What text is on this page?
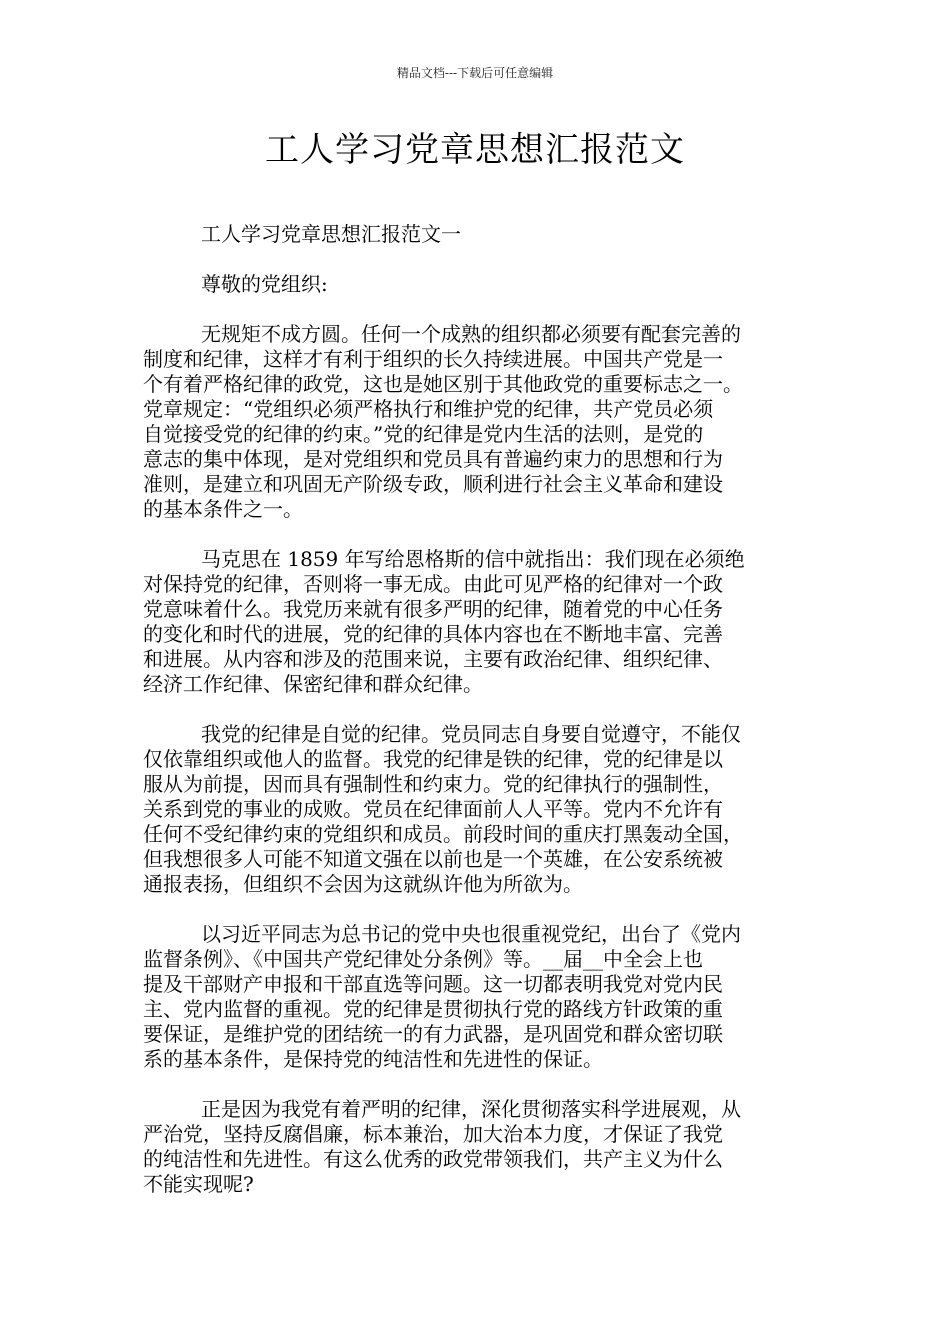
精品文档---下载后可任意编辑
工人学习党章思想汇报范文

工人学习党章思想汇报范文一

尊敬的党组织:

无规矩不成方圆。任何一个成熟的组织都必须要有配套完善的
制度和纪律，这样才有利于组织的长久持续进展。中国共产党是一
个有着严格纪律的政党，这也是她区别于其他政党的重要标志之一。
党章规定：“党组织必须严格执行和维护党的纪律，共产党员必须
自觉接受党的纪律的约束。”党的纪律是党内生活的法则，是党的
意志的集中体现，是对党组织和党员具有普遍约束力的思想和行为
准则，是建立和巩固无产阶级专政，顺利进行社会主义革命和建设
的基本条件之一。

马克思在 1859 年写给恩格斯的信中就指出：我们现在必须绝
对保持党的纪律，否则将一事无成。由此可见严格的纪律对一个政
党意味着什么。我党历来就有很多严明的纪律，随着党的中心任务
的变化和时代的进展，党的纪律的具体内容也在不断地丰富、完善
和进展。从内容和涉及的范围来说，主要有政治纪律、组织纪律、
经济工作纪律、保密纪律和群众纪律。

我党的纪律是自觉的纪律。党员同志自身要自觉遵守，不能仅
仅依靠组织或他人的监督。我党的纪律是铁的纪律，党的纪律是以
服从为前提，因而具有强制性和约束力。党的纪律执行的强制性，
关系到党的事业的成败。党员在纪律面前人人平等。党内不允许有
任何不受纪律约束的党组织和成员。前段时间的重庆打黑轰动全国，
但我想很多人可能不知道文强在以前也是一个英雄，在公安系统被
通报表扬，但组织不会因为这就纵许他为所欲为。

以习近平同志为总书记的党中央也很重视党纪，出台了《党内
监督条例》、《中国共产党纪律处分条例》等。__届__中全会上也
提及干部财产申报和干部直选等问题。这一切都表明我党对党内民
主、党内监督的重视。党的纪律是贯彻执行党的路线方针政策的重
要保证，是维护党的团结统一的有力武器，是巩固党和群众密切联
系的基本条件，是保持党的纯洁性和先进性的保证。

正是因为我党有着严明的纪律，深化贯彻落实科学进展观，从
严治党，坚持反腐倡廉，标本兼治，加大治本力度，才保证了我党
的纯洁性和先进性。有这么优秀的政党带领我们，共产主义为什么
不能实现呢?
